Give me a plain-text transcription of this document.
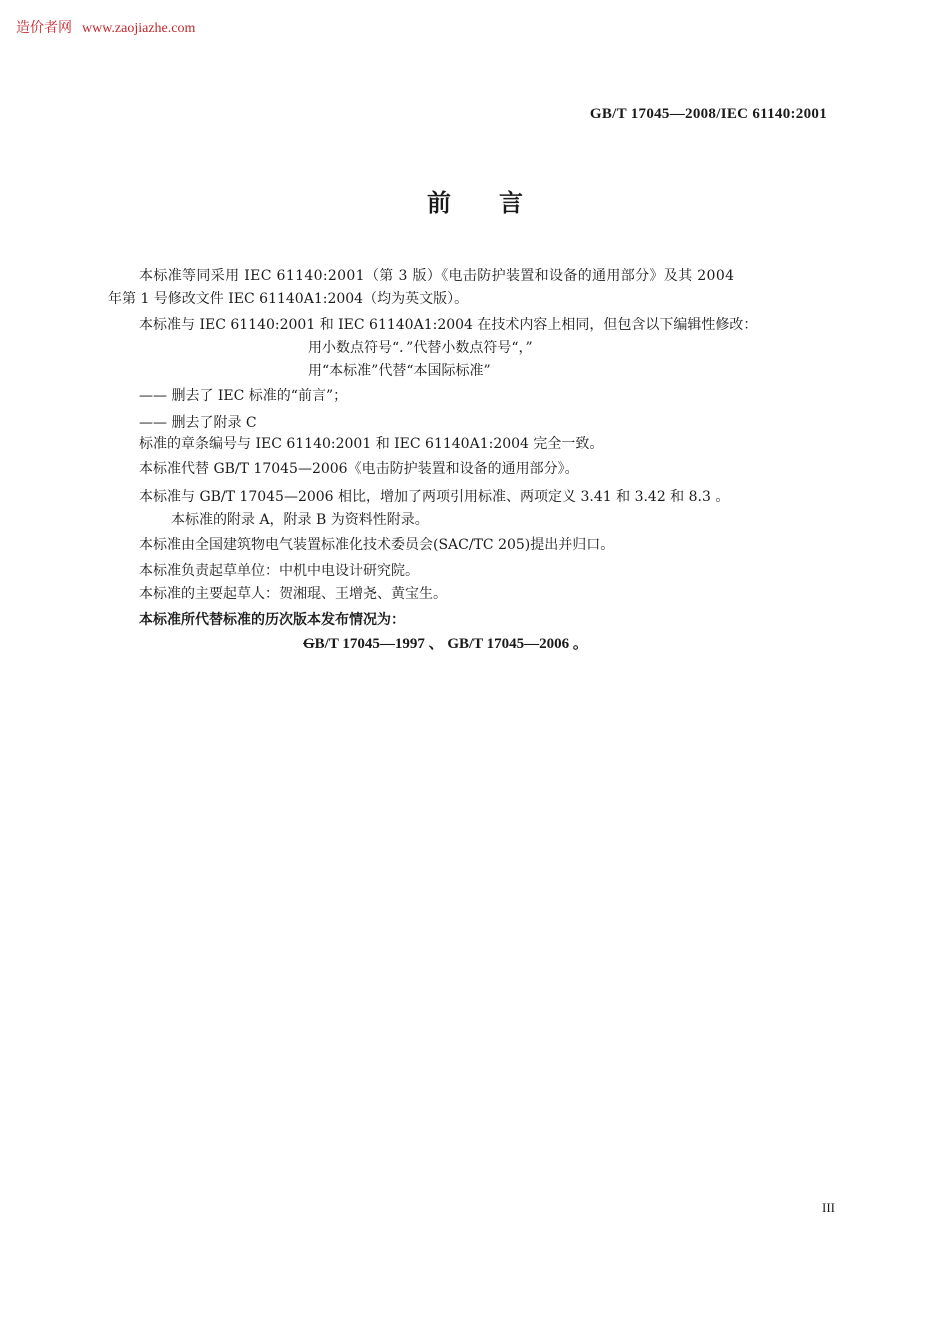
造价者网 www.zaojiazhe.com
GB/T 17045—2008/IEC 61140:2001
前 言
本标准等同采用 IEC 61140:2001（第 3 版）《电击防护装置和设备的通用部分》及其 2004
年第 1 号修改文件 IEC 61140A1:2004（均为英文版）。
本标准与 IEC 61140:2001 和 IEC 61140A1:2004 在技术内容上相同，但包含以下编辑性修改：
用小数点符号“．”代替小数点符号“，”
用“本标准”代替“本国际标准”
—— 删去了 IEC 标准的“前言”；
—— 删去了附录 C
标准的章条编号与 IEC 61140:2001 和 IEC 61140A1:2004 完全一致。
本标准代替 GB/T 17045—2006《电击防护装置和设备的通用部分》。
本标准与 GB/T 17045—2006 相比，增加了两项引用标准、两项定义 3.41 和 3.42 和 8.3 。
本标准的附录 A，附录 B 为资料性附录。
本标准由全国建筑物电气装置标准化技术委员会(SAC/TC 205)提出并归口。
本标准负责起草单位：中机中电设计研究院。
本标准的主要起草人：贺湘琨、王增尧、黄宝生。
本标准所代替标准的历次版本发布情况为：
GB/T 17045—1997 、 GB/T 17045—2006 。
III
